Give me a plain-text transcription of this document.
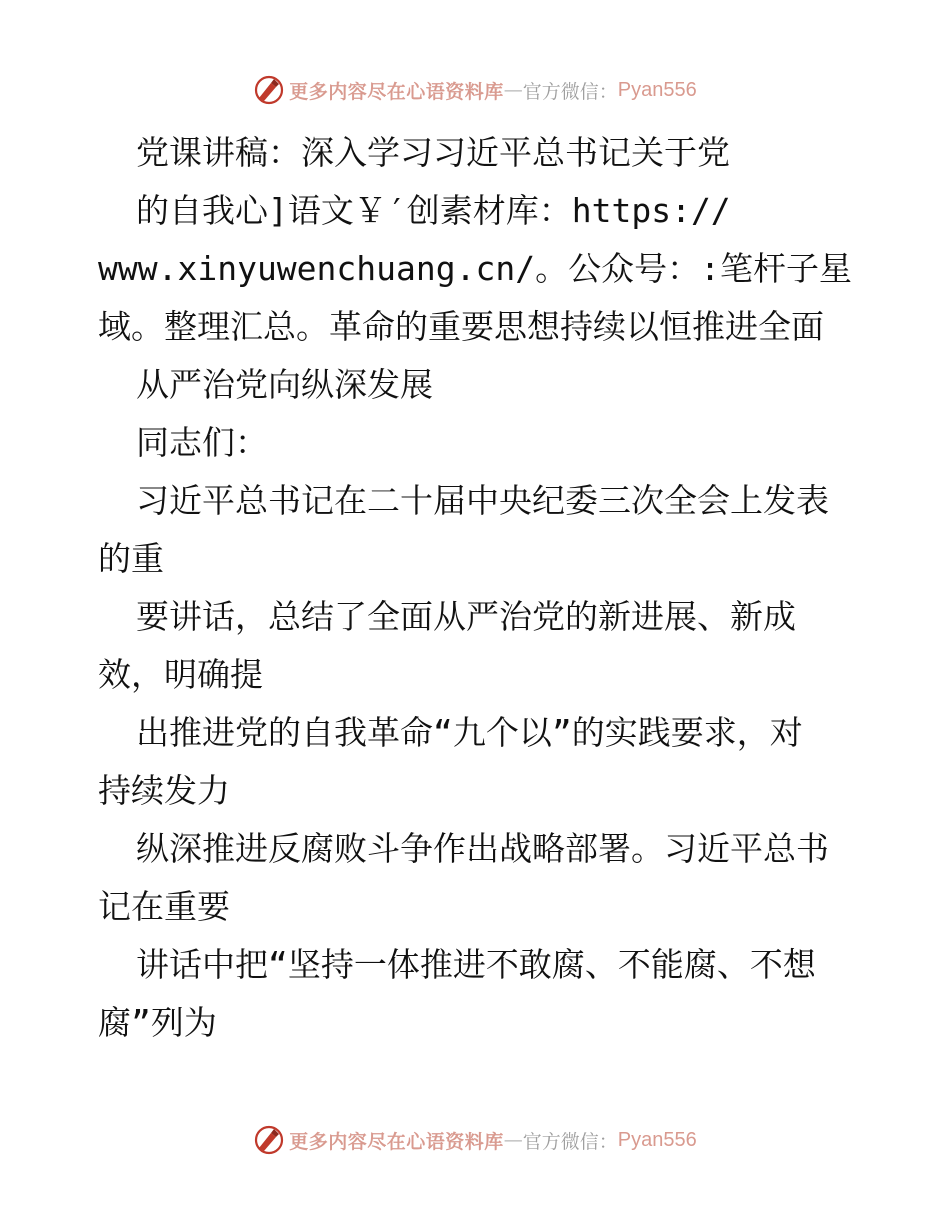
更多内容尽在心语资料库 — 官方微信： Pyan556
党课讲稿：深入学习习近平总书记关于党
的自我心]语文￥′创素材库：https://
www.xinyuwenchuang.cn/。公众号：:笔杆子星
域。整理汇总。革命的重要思想持续以恒推进全面
从严治党向纵深发展
同志们：
习近平总书记在二十届中央纪委三次全会上发表
的重
要讲话，总结了全面从严治党的新进展、新成
效，明确提
出推进党的自我革命“九个以”的实践要求，对
持续发力
纵深推进反腐败斗争作出战略部署。习近平总书
记在重要
讲话中把“坚持一体推进不敢腐、不能腐、不想
腐”列为
更多内容尽在心语资料库 — 官方微信： Pyan556
